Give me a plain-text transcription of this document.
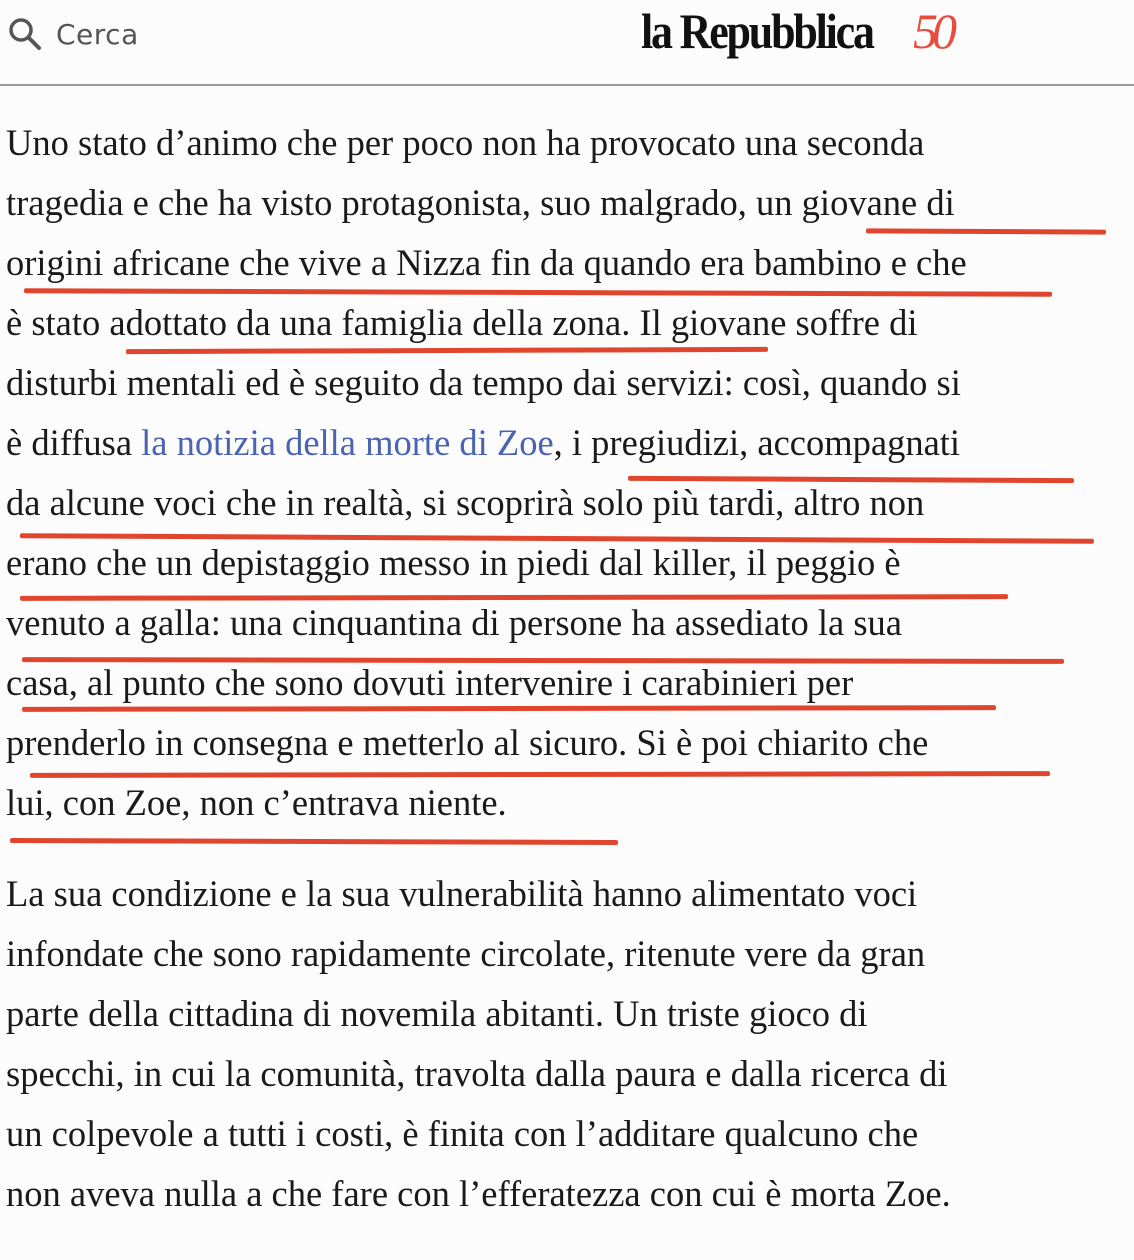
Cerca	la Repubblica 50
Uno stato d’animo che per poco non ha provocato una seconda
tragedia e che ha visto protagonista, suo malgrado, un giovane di
origini africane che vive a Nizza fin da quando era bambino e che
è stato adottato da una famiglia della zona. Il giovane soffre di
disturbi mentali ed è seguito da tempo dai servizi: così, quando si
è diffusa la notizia della morte di Zoe, i pregiudizi, accompagnati
da alcune voci che in realtà, si scoprirà solo più tardi, altro non
erano che un depistaggio messo in piedi dal killer, il peggio è
venuto a galla: una cinquantina di persone ha assediato la sua
casa, al punto che sono dovuti intervenire i carabinieri per
prenderlo in consegna e metterlo al sicuro. Si è poi chiarito che
lui, con Zoe, non c’entrava niente.
La sua condizione e la sua vulnerabilità hanno alimentato voci
infondate che sono rapidamente circolate, ritenute vere da gran
parte della cittadina di novemila abitanti. Un triste gioco di
specchi, in cui la comunità, travolta dalla paura e dalla ricerca di
un colpevole a tutti i costi, è finita con l’additare qualcuno che
non aveva nulla a che fare con l’efferatezza con cui è morta Zoe.
